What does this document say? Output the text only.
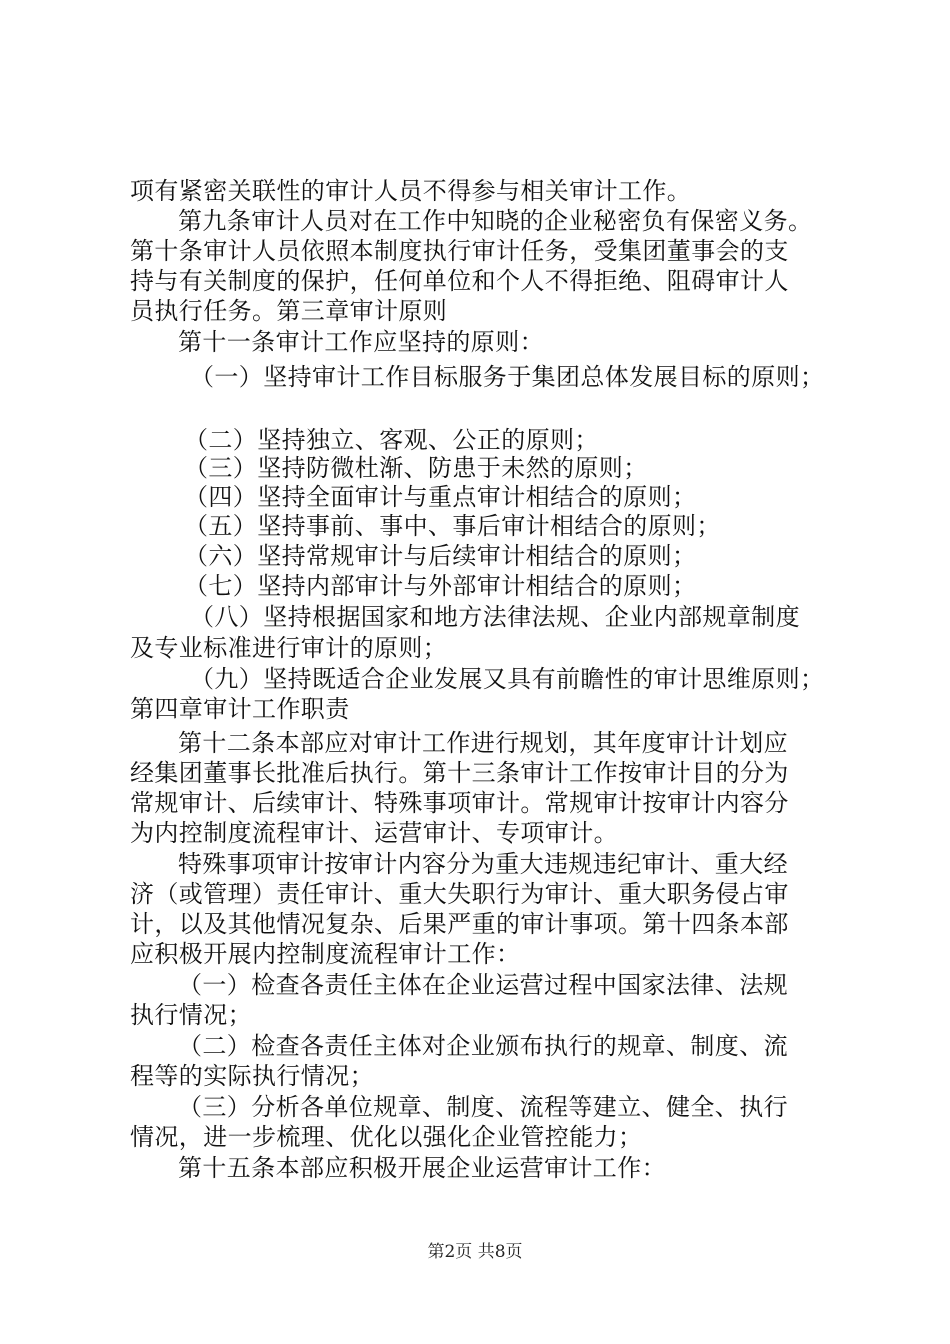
项有紧密关联性的审计人员不得参与相关审计工作。
第九条审计人员对在工作中知晓的企业秘密负有保密义务。
第十条审计人员依照本制度执行审计任务，受集团董事会的支
持与有关制度的保护，任何单位和个人不得拒绝、阻碍审计人
员执行任务。第三章审计原则
第十一条审计工作应坚持的原则：
（一）坚持审计工作目标服务于集团总体发展目标的原则；
（二）坚持独立、客观、公正的原则；
（三）坚持防微杜渐、防患于未然的原则；
（四）坚持全面审计与重点审计相结合的原则；
（五）坚持事前、事中、事后审计相结合的原则；
（六）坚持常规审计与后续审计相结合的原则；
（七）坚持内部审计与外部审计相结合的原则；
（八）坚持根据国家和地方法律法规、企业内部规章制度
及专业标准进行审计的原则；
（九）坚持既适合企业发展又具有前瞻性的审计思维原则；
第四章审计工作职责
第十二条本部应对审计工作进行规划，其年度审计计划应
经集团董事长批准后执行。第十三条审计工作按审计目的分为
常规审计、后续审计、特殊事项审计。常规审计按审计内容分
为内控制度流程审计、运营审计、专项审计。
特殊事项审计按审计内容分为重大违规违纪审计、重大经
济（或管理）责任审计、重大失职行为审计、重大职务侵占审
计，以及其他情况复杂、后果严重的审计事项。第十四条本部
应积极开展内控制度流程审计工作：
（一）检查各责任主体在企业运营过程中国家法律、法规
执行情况；
（二）检查各责任主体对企业颁布执行的规章、制度、流
程等的实际执行情况；
（三）分析各单位规章、制度、流程等建立、健全、执行
情况，进一步梳理、优化以强化企业管控能力；
第十五条本部应积极开展企业运营审计工作：
第2页 共8页
